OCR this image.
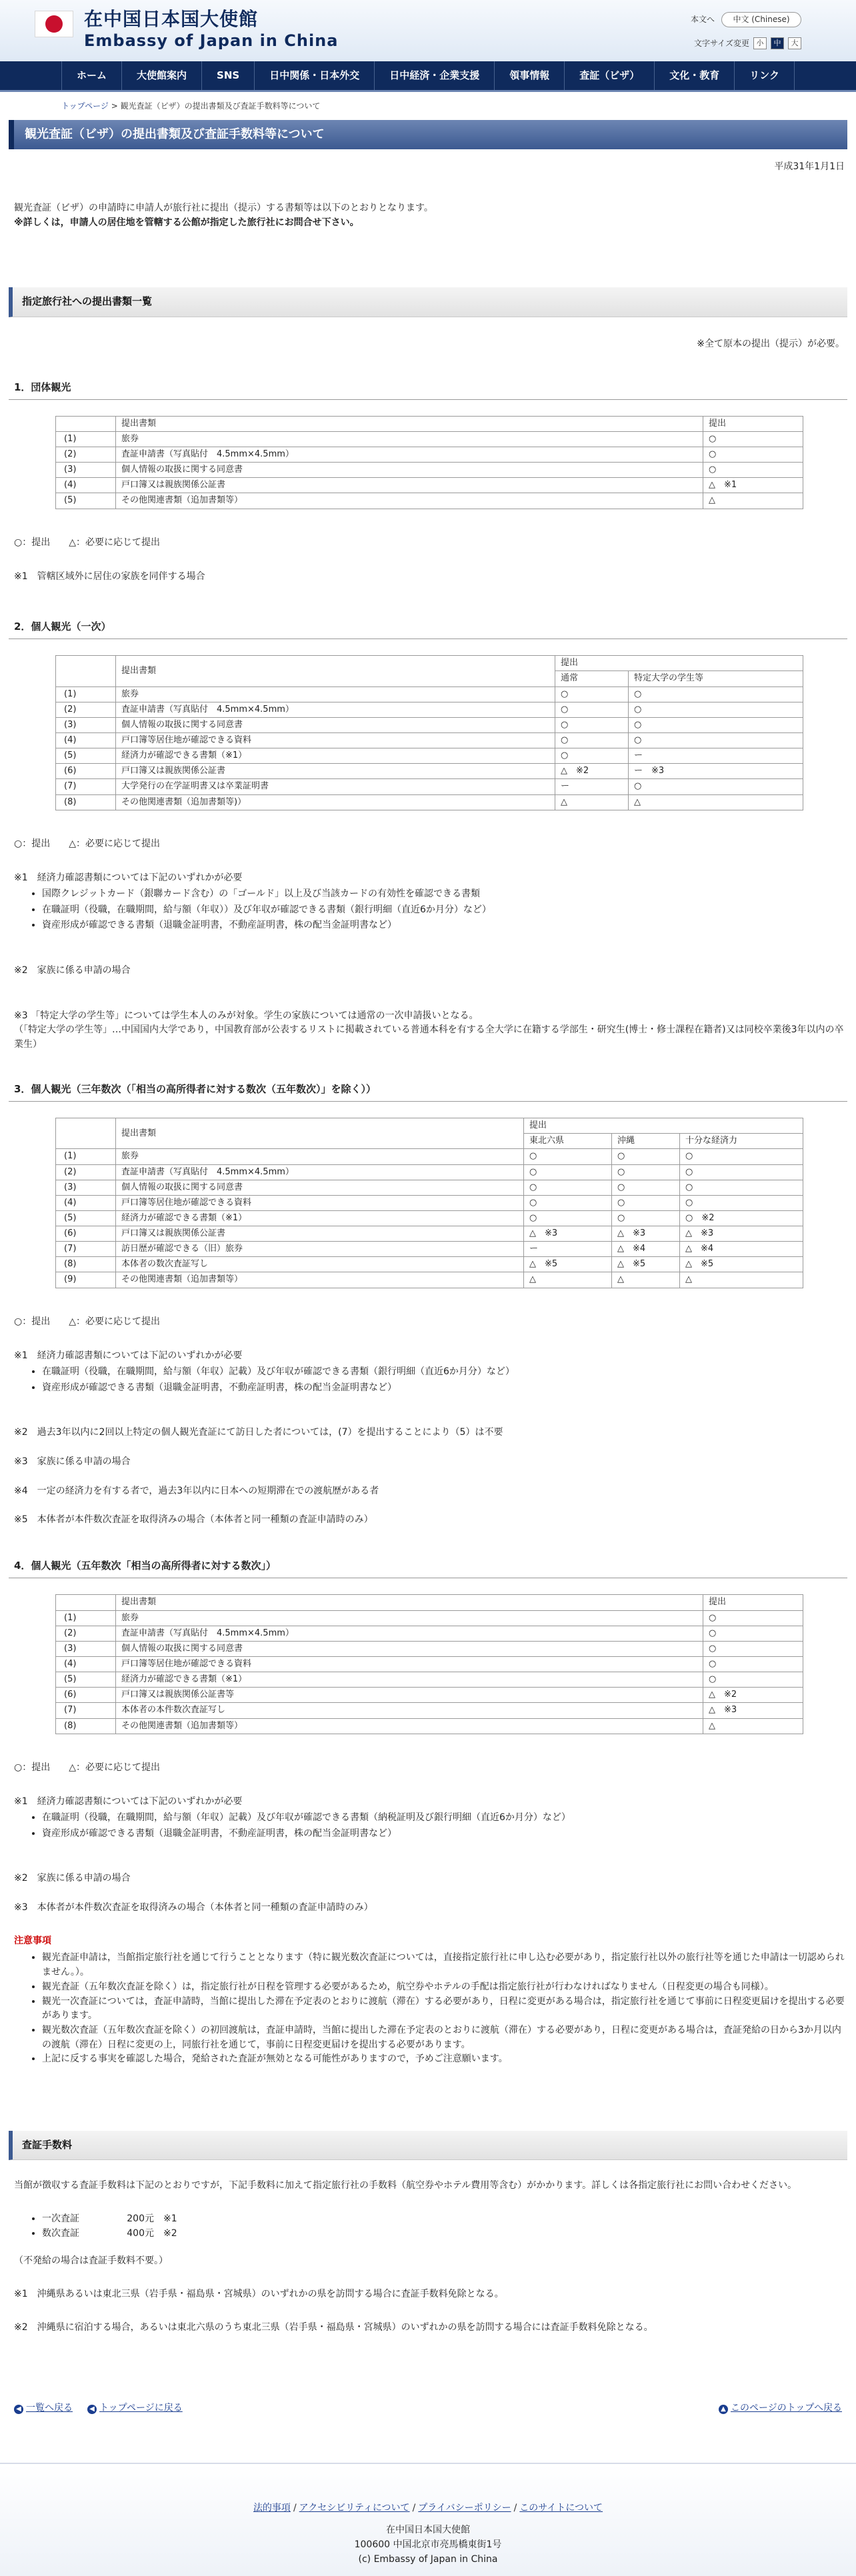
在中国日本国大使館
Embassy of Japan in China
本文へ	中文 (Chinese)
文字サイズ変更 小	中	大
ホーム	大使館案内	SNS	日中関係・日本外交	日中経済・企業支援	領事情報	査証（ビザ）	文化・教育	リンク
トップページ > 観光査証（ビザ）の提出書類及び査証手数料等について
観光査証（ビザ）の提出書類及び査証手数料等について
平成31年1月1日

観光査証（ビザ）の申請時に申請人が旅行社に提出（提示）する書類等は以下のとおりとなります。

※詳しくは，申請人の居住地を管轄する公館が指定した旅行社にお問合せ下さい。

指定旅行社への提出書類一覧
※全て原本の提出（提示）が必要。
1．団体観光
	提出書類	提出
(1)	旅券	○
(2)	査証申請書（写真貼付　4.5mm×4.5mm）	○
(3)	個人情報の取扱に関する同意書	○
(4)	戸口簿又は親族関係公証書	△　※1
(5)	その他関連書類（追加書類等）	△
○：提出　　△：必要に応じて提出

※1　管轄区域外に居住の家族を同伴する場合

2．個人観光（一次）
	提出書類	提出	
		通常	特定大学の学生等
(1)	旅券	○	○
(2)	査証申請書（写真貼付　4.5mm×4.5mm）	○	○
(3)	個人情報の取扱に関する同意書	○	○
(4)	戸口簿等居住地が確認できる資料	○	○
(5)	経済力が確認できる書類（※1）	○	ー
(6)	戸口簿又は親族関係公証書	△　※2	ー　※3
(7)	大学発行の在学証明書又は卒業証明書	ー	○
(8)	その他関連書類（追加書類等)）	△	△
○：提出　　△：必要に応じて提出

※1　経済力確認書類については下記のいずれかが必要

• 国際クレジットカード（銀聯カード含む）の「ゴールド」以上及び当該カードの有効性を確認できる書類
• 在職証明（役職，在職期間，給与額（年収））及び年収が確認できる書類（銀行明細（直近6か月分）など）
• 資産形成が確認できる書類（退職金証明書，不動産証明書，株の配当金証明書など）

※2　家族に係る申請の場合

※3 「特定大学の学生等」については学生本人のみが対象。学生の家族については通常の一次申請扱いとなる。

（「特定大学の学生等」…中国国内大学であり，中国教育部が公表するリストに掲載されている普通本科を有する全大学に在籍する学部生・研究生(博士・修士課程在籍者)又は同校卒業後3年以内の卒業生）

3．個人観光（三年数次（「相当の高所得者に対する数次（五年数次）」を除く））
	提出書類	提出		
		東北六県	沖縄	十分な経済力
(1)	旅券	○	○	○
(2)	査証申請書（写真貼付　4.5mm×4.5mm）	○	○	○
(3)	個人情報の取扱に関する同意書	○	○	○
(4)	戸口簿等居住地が確認できる資料	○	○	○
(5)	経済力が確認できる書類（※1）	○	○	○　※2
(6)	戸口簿又は親族関係公証書	△　※3	△　※3	△　※3
(7)	訪日歴が確認できる（旧）旅券	ー	△　※4	△　※4
(8)	本体者の数次査証写し	△　※5	△　※5	△　※5
(9)	その他関連書類（追加書類等）	△	△	△
○：提出　　△：必要に応じて提出

※1　経済力確認書類については下記のいずれかが必要

• 在職証明（役職，在職期間，給与額（年収）記載）及び年収が確認できる書類（銀行明細（直近6か月分）など）
• 資産形成が確認できる書類（退職金証明書，不動産証明書，株の配当金証明書など）

※2　過去3年以内に2回以上特定の個人観光査証にて訪日した者については，(7）を提出することにより（5）は不要

※3　家族に係る申請の場合

※4　一定の経済力を有する者で，過去3年以内に日本への短期滞在での渡航歴がある者

※5　本体者が本件数次査証を取得済みの場合（本体者と同一種類の査証申請時のみ）

4．個人観光（五年数次「相当の高所得者に対する数次」）
	提出書類	提出
(1)	旅券	○
(2)	査証申請書（写真貼付　4.5mm×4.5mm）	○
(3)	個人情報の取扱に関する同意書	○
(4)	戸口簿等居住地が確認できる資料	○
(5)	経済力が確認できる書類（※1）	○
(6)	戸口簿又は親族関係公証書等	△　※2
(7)	本体者の本件数次査証写し	△　※3
(8)	その他関連書類（追加書類等）	△
○：提出　　△：必要に応じて提出

※1　経済力確認書類については下記のいずれかが必要

• 在職証明（役職，在職期間，給与額（年収）記載）及び年収が確認できる書類（納税証明及び銀行明細（直近6か月分）など）
• 資産形成が確認できる書類（退職金証明書，不動産証明書，株の配当金証明書など）

※2　家族に係る申請の場合

※3　本体者が本件数次査証を取得済みの場合（本体者と同一種類の査証申請時のみ）

注意事項
• 観光査証申請は，当館指定旅行社を通じて行うこととなります（特に観光数次査証については，直接指定旅行社に申し込む必要があり，指定旅行社以外の旅行社等を通じた申請は一切認められません。）。
• 観光査証（五年数次査証を除く）は，指定旅行社が日程を管理する必要があるため，航空券やホテルの手配は指定旅行社が行わなければなりません（日程変更の場合も同様）。
• 観光一次査証については，査証申請時，当館に提出した滞在予定表のとおりに渡航（滞在）する必要があり，日程に変更がある場合は，指定旅行社を通じて事前に日程変更届けを提出する必要があります。
• 観光数次査証（五年数次査証を除く）の初回渡航は，査証申請時，当館に提出した滞在予定表のとおりに渡航（滞在）する必要があり，日程に変更がある場合は，査証発給の日から3か月以内の渡航（滞在）日程に変更の上，同旅行社を通じて，事前に日程変更届けを提出する必要があります。
• 上記に反する事実を確認した場合，発給された査証が無効となる可能性がありますので，予めご注意願います。
査証手数料
当館が徴収する査証手数料は下記のとおりですが，下記手数料に加えて指定旅行社の手数料（航空券やホテル費用等含む）がかかります。詳しくは各指定旅行社にお問い合わせください。
• 一次査証	200元 ※1
• 数次査証	400元 ※2
（不発給の場合は査証手数料不要。）

※1　沖縄県あるいは東北三県（岩手県・福島県・宮城県）のいずれかの県を訪問する場合に査証手数料免除となる。

※2　沖縄県に宿泊する場合，あるいは東北六県のうち東北三県（岩手県・福島県・宮城県）のいずれかの県を訪問する場合には査証手数料免除となる。

◀ 一覧へ戻る	◀ トップページに戻る	▲ このページのトップへ戻る
法的事項 / アクセシビリティについて / プライバシーポリシー / このサイトについて
在中国日本国大使館
100600 中国北京市亮馬橋東街1号
(c) Embassy of Japan in China
